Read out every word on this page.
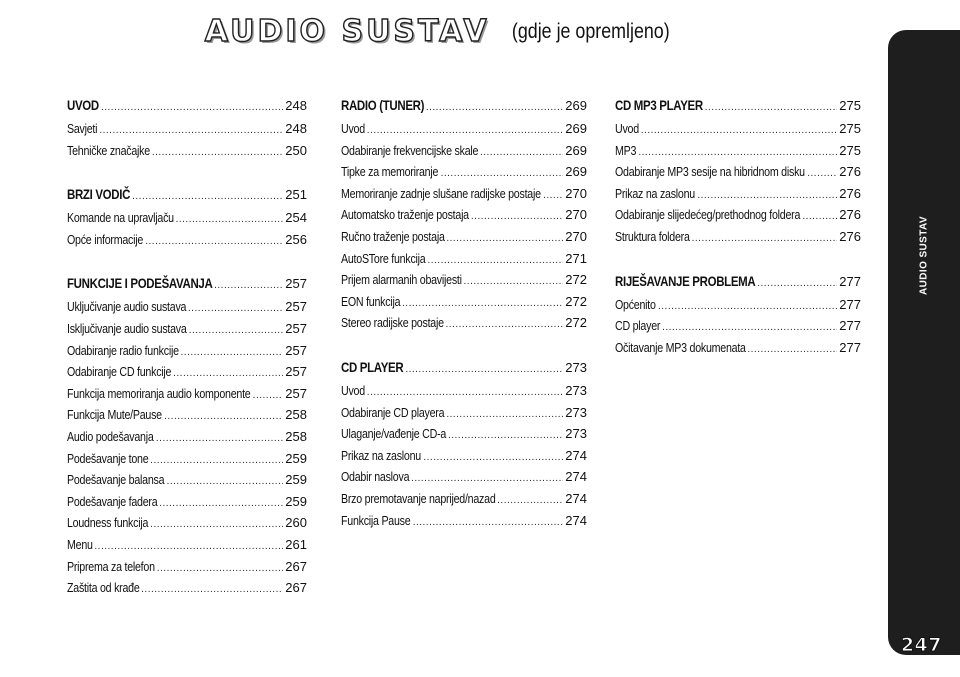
AUDIO SUSTAV (gdje je opremljeno)
UVOD .....	248
Savjeti .....	248
Tehničke značajke .....	250
BRZI VODIČ .....	251
Komande na upravljaču .....	254
Opće informacije .....	256
FUNKCIJE I PODEŠAVANJA .....	257
Uključivanje audio sustava .....	257
Isključivanje audio sustava .....	257
Odabiranje radio funkcije .....	257
Odabiranje CD funkcije .....	257
Funkcija memoriranja audio komponente .....	257
Funkcija Mute/Pause .....	258
Audio podešavanja .....	258
Podešavanje tone .....	259
Podešavanje balansa .....	259
Podešavanje fadera .....	259
Loudness funkcija .....	260
Menu .....	261
Priprema za telefon .....	267
Zaštita od krađe .....	267
RADIO (TUNER) .....	269
Uvod .....	269
Odabiranje frekvencijske skale .....	269
Tipke za memoriranje .....	269
Memoriranje zadnje slušane radijske postaje ..... 270
Automatsko traženje postaja .....	270
Ručno traženje postaja .....	270
AutoSTore funkcija .....	271
Prijem alarmanih obavijesti .....	272
EON funkcija .....	272
Stereo radijske postaje .....	272
CD PLAYER .....	273
Uvod .....	273
Odabiranje CD playera .....	273
Ulaganje/vađenje CD-a .....	273
Prikaz na zaslonu .....	274
Odabir naslova .....	274
Brzo premotavanje naprijed/nazad .....	274
Funkcija Pause .....	274
CD MP3 PLAYER .....	275
Uvod .....	275
MP3 .....	275
Odabiranje MP3 sesije na hibridnom disku .....	276
Prikaz na zaslonu .....	276
Odabiranje slijedećeg/prethodnog foldera .....	276
Struktura foldera .....	276
RIJEŠAVANJE PROBLEMA .....	277
Općenito .....	277
CD player .....	277
Očitavanje MP3 dokumenata .....	277
AUDIO SUSTAV
247
